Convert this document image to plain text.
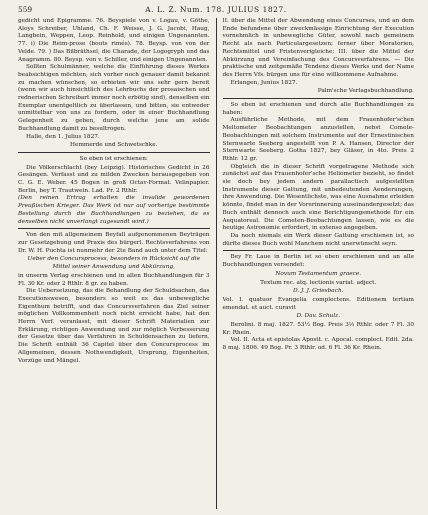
559	A. L. Z. Num. 178. JULIUS 1827.

gedicht und Epigramme. 76. Beyspiele von v. Logau, v. Göthe, Aloys Schreiber, Uhland, Ch. F. Weisse, J. G. Jacobi, Haug, Langbein, Weppen, Leop. Reinhold, und einigen Ungenannten. 77. i) Die Reim-prose (bouts rimés). 78. Beysp. von von der Velde. 79. ) Das Bilbräthsel, die Charade, der Logogryph und das Anagramm. 80. Beysp. von v. Schiller, und einigen Ungenannten.

Sollten Schulmänner, welche die Einführung dieses Werkes beabsichtigen möchten, sich vorher noch genauer damit bekannt zu machen wünschen, so erbieten wir uns sehr gern bereit (wenn wir auch hinsichtlich des Lehrbuchs der prosaischen und rednerischen Schreibart immer noch erbötig sind), denselben ein Exemplar unentgeltlich zu überlassen, und bitten, sie entweder unmittelbar von uns zu fordern, oder in einer Buchhandlung Gelegenheit zu geben, durch welche jene am solide Buchhandlung damit zu besultrogen.

Halle, den 1. Julius 1827.

Hemmerde und Schwetschke.

So eben ist erschienen:

Die Völkerschlacht (bey Leipzig). Historisches Gedicht in 26 Gesängen. Verfasst und zu milden Zwecken herausgegeben von C. G. E. Weber. 45 Bogen in groß Octav-Format. Velinpapier. Berlin, bey T. Trautwein. Lad. Pr. 2 Rthlr.

(Den reinen Ertrag erhalten die invalide gewordenen Preußischen Krieger. Das Werk ist nur auf vorherige bestimmte Bestellung durch die Buchhandlungen zu beziehen, da es denselben nicht unverlangt zugesandt wird.)

Von den mit allgemeinem Beyfall aufgenommenen Beyträgen zur Gesetzgebung und Praxis des bürgerl. Rechtsverfahrens von Dr. W. H. Puchta ist nunmehr der 2te Band auch unter dem Titel:

Ueber den Concursprocess, besonders in Rücksicht auf die Mittel seiner Anwendung und Abkürzung,

in unserm Verlag erschienen und in allen Buchhandlungen für 3 Fl. 30 Kr. oder 2 Rthlr. 8 gr. zu haben.

Die Uebersetzung, das die Behandlung der Schuldsachen, das Executionswesen, besonders so weit es das unbewegliche Eigenthum betrifft, und das Concursverfahren das Ziel seiner möglichen Vollkommenheit noch nicht erreicht habe, hat den Herrn Verf. veranlasst, mit dieser Schrift Materialien zur Erklärung, richtigen Anwendung und zur möglich Verbesserung der Gesetze über das Verfahren in Schuldensachen zu liefern. Die Schrift enthält 36 Capitel über den Concursprocess im Allgemeinen, dessen Nothwendigkeit, Ursprung, Eigenheiten, Vorzüge und Mängel.

II. über die Mittel der Abwendung eines Concurses, und an dem Ende befundene über zweckmässige Einrichtung der Execution vornehmlich in unbewegliche Güter, sowohl nach gemeinem Recht als nach Particulargesetzen; ferner über Moratorien, Rechtsmittel und Fristenverigleiche; III. über die Mittel der Abkürzung und Vereinfachung des Concursverfahrens. — Die praktische und zeitgemäße Tendenz dieses Werks und der Name des Herrn Vfs. bürgen uns für eine willkommene Aufnahme.

Erlangen, Junius 1827.

Palm'sche Verlagsbuchhandlung.

So eben ist erschienen und durch alle Buchhandlungen zu haben:

Ausführliche Methode, mit dem Frauenhofer'schen Meltometer Beobachtungen anzustellen, nebst Comete- Beobachtungen mit solchem Instrumente auf der Ernestinischen Sternwarte Seeberg angestellt von P. A. Hansen, Director der Sternwarte Seeberg. Gotha 1827, bey Gläser, in 4to. Preis 2 Rthlr. 12 gr.

Obgleich die in dieser Schrift vorgetragene Methode sich zunächst auf das Frauenhofer'sche Heliometer bezieht, so findet sie doch bey jedem andern parallactisch aufgestellten Instrumente dieser Gattung, mit unbedeutenden Aenderungen, ihre Anwendung. Die Wesentlichste, was eine Ausnahme erleiden könnte, findet man in der Vorerinnerung auseinandergesetzt; das Buch enthält dennoch auch eine Berichtigungsmethode für ein Aequatoreal. Die Cometen-Beobachtungen lassen, wie es die heutige Astronomie erfordert, in extenso angegeben.

Da noch niemals ein Werk dieser Gattung erschienen ist, so dürfte dieses Buch wohl Manchem nicht unerwünscht seyn.

Bey Fr. Laue in Berlin ist so eben erschienen und an alle Buchhandlungen versendet:

Novum Testamentum graece.

Textum rec. atq. lectionis variat. adject.

D. J. J. Griesbach.

Vol. I. quatuor Evangelia complectens. Editionem tertiam emendat. et auct. curavit

D. Dav. Schulz.

Berolini. 8 maj. 1827. 53½ Bog. Preis 3⅓ Rthlr. oder 7 Fl. 30 Kr. Rhein.

Vol. II. Acta et epistolas Apostt. c. Apocal. complect. Edit. 2da. 8 maj. 1806. 49 Bog. Pr. 3 Rthlr. od. 6 Fl. 36 Kr. Rhein.
